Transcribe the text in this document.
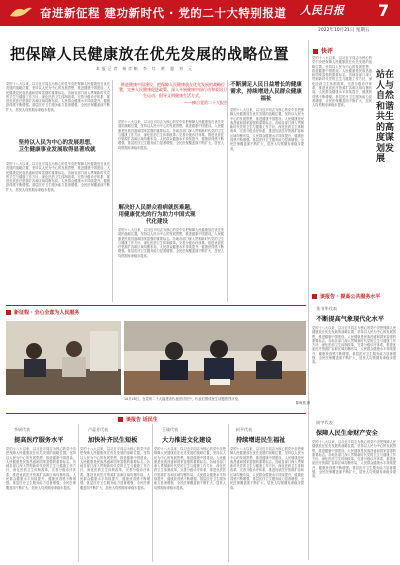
奋进新征程 建功新时代 · 党的二十大特别报道 人民日报 7
2022年10月21日 星期五
把保障人民健康放在优先发展的战略位置
本报记者 杨彦帆 李 红 黄 超 刘 元
推进健康中国建设，把保障人民健康放在优先发展的战略位置，完善人民健康促进政策。深入开展健康中国行动和爱国卫生运动，倡导文明健康生活方式。
——摘自党的二十大报告
坚持以人民为中心的发展思想，卫生健康事业发展取得显著成就
解决好人民群众看病就医难题，用健康优先的行为助力中国式现代化建设
不断满足人民日益增长的健康需求，持续增进人民群众健康福祉
党的十八大以来，以习近平同志为核心的党中央把保障人民健康放在优先发展的战略位置，坚持以人民为中心的发展思想，推进健康中国建设。人民健康是民族昌盛和国家富强的重要标志。各地各部门深入贯彻新时代党的卫生与健康工作方针，深化医药卫生体制改革，完善分级诊疗体系，推进优质医疗资源扩容和区域均衡布局，人民群众健康水平持续提升，健康获得感不断增强。基层医疗卫生服务能力显著增强，全民医保覆盖面不断扩大，居民人均预期寿命稳步提高。
党的十八大以来，以习近平同志为核心的党中央把保障人民健康放在优先发展的战略位置，坚持以人民为中心的发展思想，推进健康中国建设。人民健康是民族昌盛和国家富强的重要标志。各地各部门深入贯彻新时代党的卫生与健康工作方针，深化医药卫生体制改革，完善分级诊疗体系，推进优质医疗资源扩容和区域均衡布局，人民群众健康水平持续提升，健康获得感不断增强。基层医疗卫生服务能力显著增强，全民医保覆盖面不断扩大，居民人均预期寿命稳步提高。
党的十八大以来，以习近平同志为核心的党中央把保障人民健康放在优先发展的战略位置，坚持以人民为中心的发展思想，推进健康中国建设。人民健康是民族昌盛和国家富强的重要标志。各地各部门深入贯彻新时代党的卫生与健康工作方针，深化医药卫生体制改革，完善分级诊疗体系，推进优质医疗资源扩容和区域均衡布局，人民群众健康水平持续提升，健康获得感不断增强。基层医疗卫生服务能力显著增强，全民医保覆盖面不断扩大，居民人均预期寿命稳步提高。
党的十八大以来，以习近平同志为核心的党中央把保障人民健康放在优先发展的战略位置，坚持以人民为中心的发展思想，推进健康中国建设。人民健康是民族昌盛和国家富强的重要标志。各地各部门深入贯彻新时代党的卫生与健康工作方针，深化医药卫生体制改革，完善分级诊疗体系，推进优质医疗资源扩容和区域均衡布局，人民群众健康水平持续提升，健康获得感不断增强。基层医疗卫生服务能力显著增强，全民医保覆盖面不断扩大，居民人均预期寿命稳步提高。
党的十八大以来，以习近平同志为核心的党中央把保障人民健康放在优先发展的战略位置，坚持以人民为中心的发展思想，推进健康中国建设。人民健康是民族昌盛和国家富强的重要标志。各地各部门深入贯彻新时代党的卫生与健康工作方针，深化医药卫生体制改革，完善分级诊疗体系，推进优质医疗资源扩容和区域均衡布局，人民群众健康水平持续提升，健康获得感不断增强。基层医疗卫生服务能力显著增强，全民医保覆盖面不断扩大，居民人均预期寿命稳步提高。
快评
党的十八大以来，以习近平同志为核心的党中央把保障人民健康放在优先发展的战略位置，坚持以人民为中心的发展思想，推进健康中国建设。人民健康是民族昌盛和国家富强的重要标志。各地各部门深入贯彻新时代党的卫生与健康工作方针，深化医药卫生体制改革，完善分级诊疗体系，推进优质医疗资源扩容和区域均衡布局，人民群众健康水平持续提升，健康获得感不断增强。基层医疗卫生服务能力显著增强，全民医保覆盖面不断扩大，居民人均预期寿命稳步提高。
站在人与自然和谐共生的高度谋划发展
新征程 · 全心全意为人民服务
10月18日，在党的二十大福建省代表团讨论中，代表们围绕民生话题热烈讨论。
陈海燕 摄
谈报告 · 提高公共服务水平
张书华代表
不断提高气象现代化水平
党的十八大以来，以习近平同志为核心的党中央把保障人民健康放在优先发展的战略位置，坚持以人民为中心的发展思想，推进健康中国建设。人民健康是民族昌盛和国家富强的重要标志。各地各部门深入贯彻新时代党的卫生与健康工作方针，深化医药卫生体制改革，完善分级诊疗体系，推进优质医疗资源扩容和区域均衡布局，人民群众健康水平持续提升，健康获得感不断增强。基层医疗卫生服务能力显著增强，全民医保覆盖面不断扩大，居民人均预期寿命稳步提高。
谈报告 话民生
李妍代表
提高医疗服务水平
党的十八大以来，以习近平同志为核心的党中央把保障人民健康放在优先发展的战略位置，坚持以人民为中心的发展思想，推进健康中国建设。人民健康是民族昌盛和国家富强的重要标志。各地各部门深入贯彻新时代党的卫生与健康工作方针，深化医药卫生体制改革，完善分级诊疗体系，推进优质医疗资源扩容和区域均衡布局，人民群众健康水平持续提升，健康获得感不断增强。基层医疗卫生服务能力显著增强，全民医保覆盖面不断扩大，居民人均预期寿命稳步提高。
卢蕊芳代表
加快补齐民生短板
党的十八大以来，以习近平同志为核心的党中央把保障人民健康放在优先发展的战略位置，坚持以人民为中心的发展思想，推进健康中国建设。人民健康是民族昌盛和国家富强的重要标志。各地各部门深入贯彻新时代党的卫生与健康工作方针，深化医药卫生体制改革，完善分级诊疗体系，推进优质医疗资源扩容和区域均衡布局，人民群众健康水平持续提升，健康获得感不断增强。基层医疗卫生服务能力显著增强，全民医保覆盖面不断扩大，居民人均预期寿命稳步提高。
王瑜代表
大力推进文化建设
党的十八大以来，以习近平同志为核心的党中央把保障人民健康放在优先发展的战略位置，坚持以人民为中心的发展思想，推进健康中国建设。人民健康是民族昌盛和国家富强的重要标志。各地各部门深入贯彻新时代党的卫生与健康工作方针，深化医药卫生体制改革，完善分级诊疗体系，推进优质医疗资源扩容和区域均衡布局，人民群众健康水平持续提升，健康获得感不断增强。基层医疗卫生服务能力显著增强，全民医保覆盖面不断扩大，居民人均预期寿命稳步提高。
柯平代表
持续增进民生福祉
党的十八大以来，以习近平同志为核心的党中央把保障人民健康放在优先发展的战略位置，坚持以人民为中心的发展思想，推进健康中国建设。人民健康是民族昌盛和国家富强的重要标志。各地各部门深入贯彻新时代党的卫生与健康工作方针，深化医药卫生体制改革，完善分级诊疗体系，推进优质医疗资源扩容和区域均衡布局，人民群众健康水平持续提升，健康获得感不断增强。基层医疗卫生服务能力显著增强，全民医保覆盖面不断扩大，居民人均预期寿命稳步提高。
周宇代表
保障人民生命财产安全
党的十八大以来，以习近平同志为核心的党中央把保障人民健康放在优先发展的战略位置，坚持以人民为中心的发展思想，推进健康中国建设。人民健康是民族昌盛和国家富强的重要标志。各地各部门深入贯彻新时代党的卫生与健康工作方针，深化医药卫生体制改革，完善分级诊疗体系，推进优质医疗资源扩容和区域均衡布局，人民群众健康水平持续提升，健康获得感不断增强。基层医疗卫生服务能力显著增强，全民医保覆盖面不断扩大，居民人均预期寿命稳步提高。
